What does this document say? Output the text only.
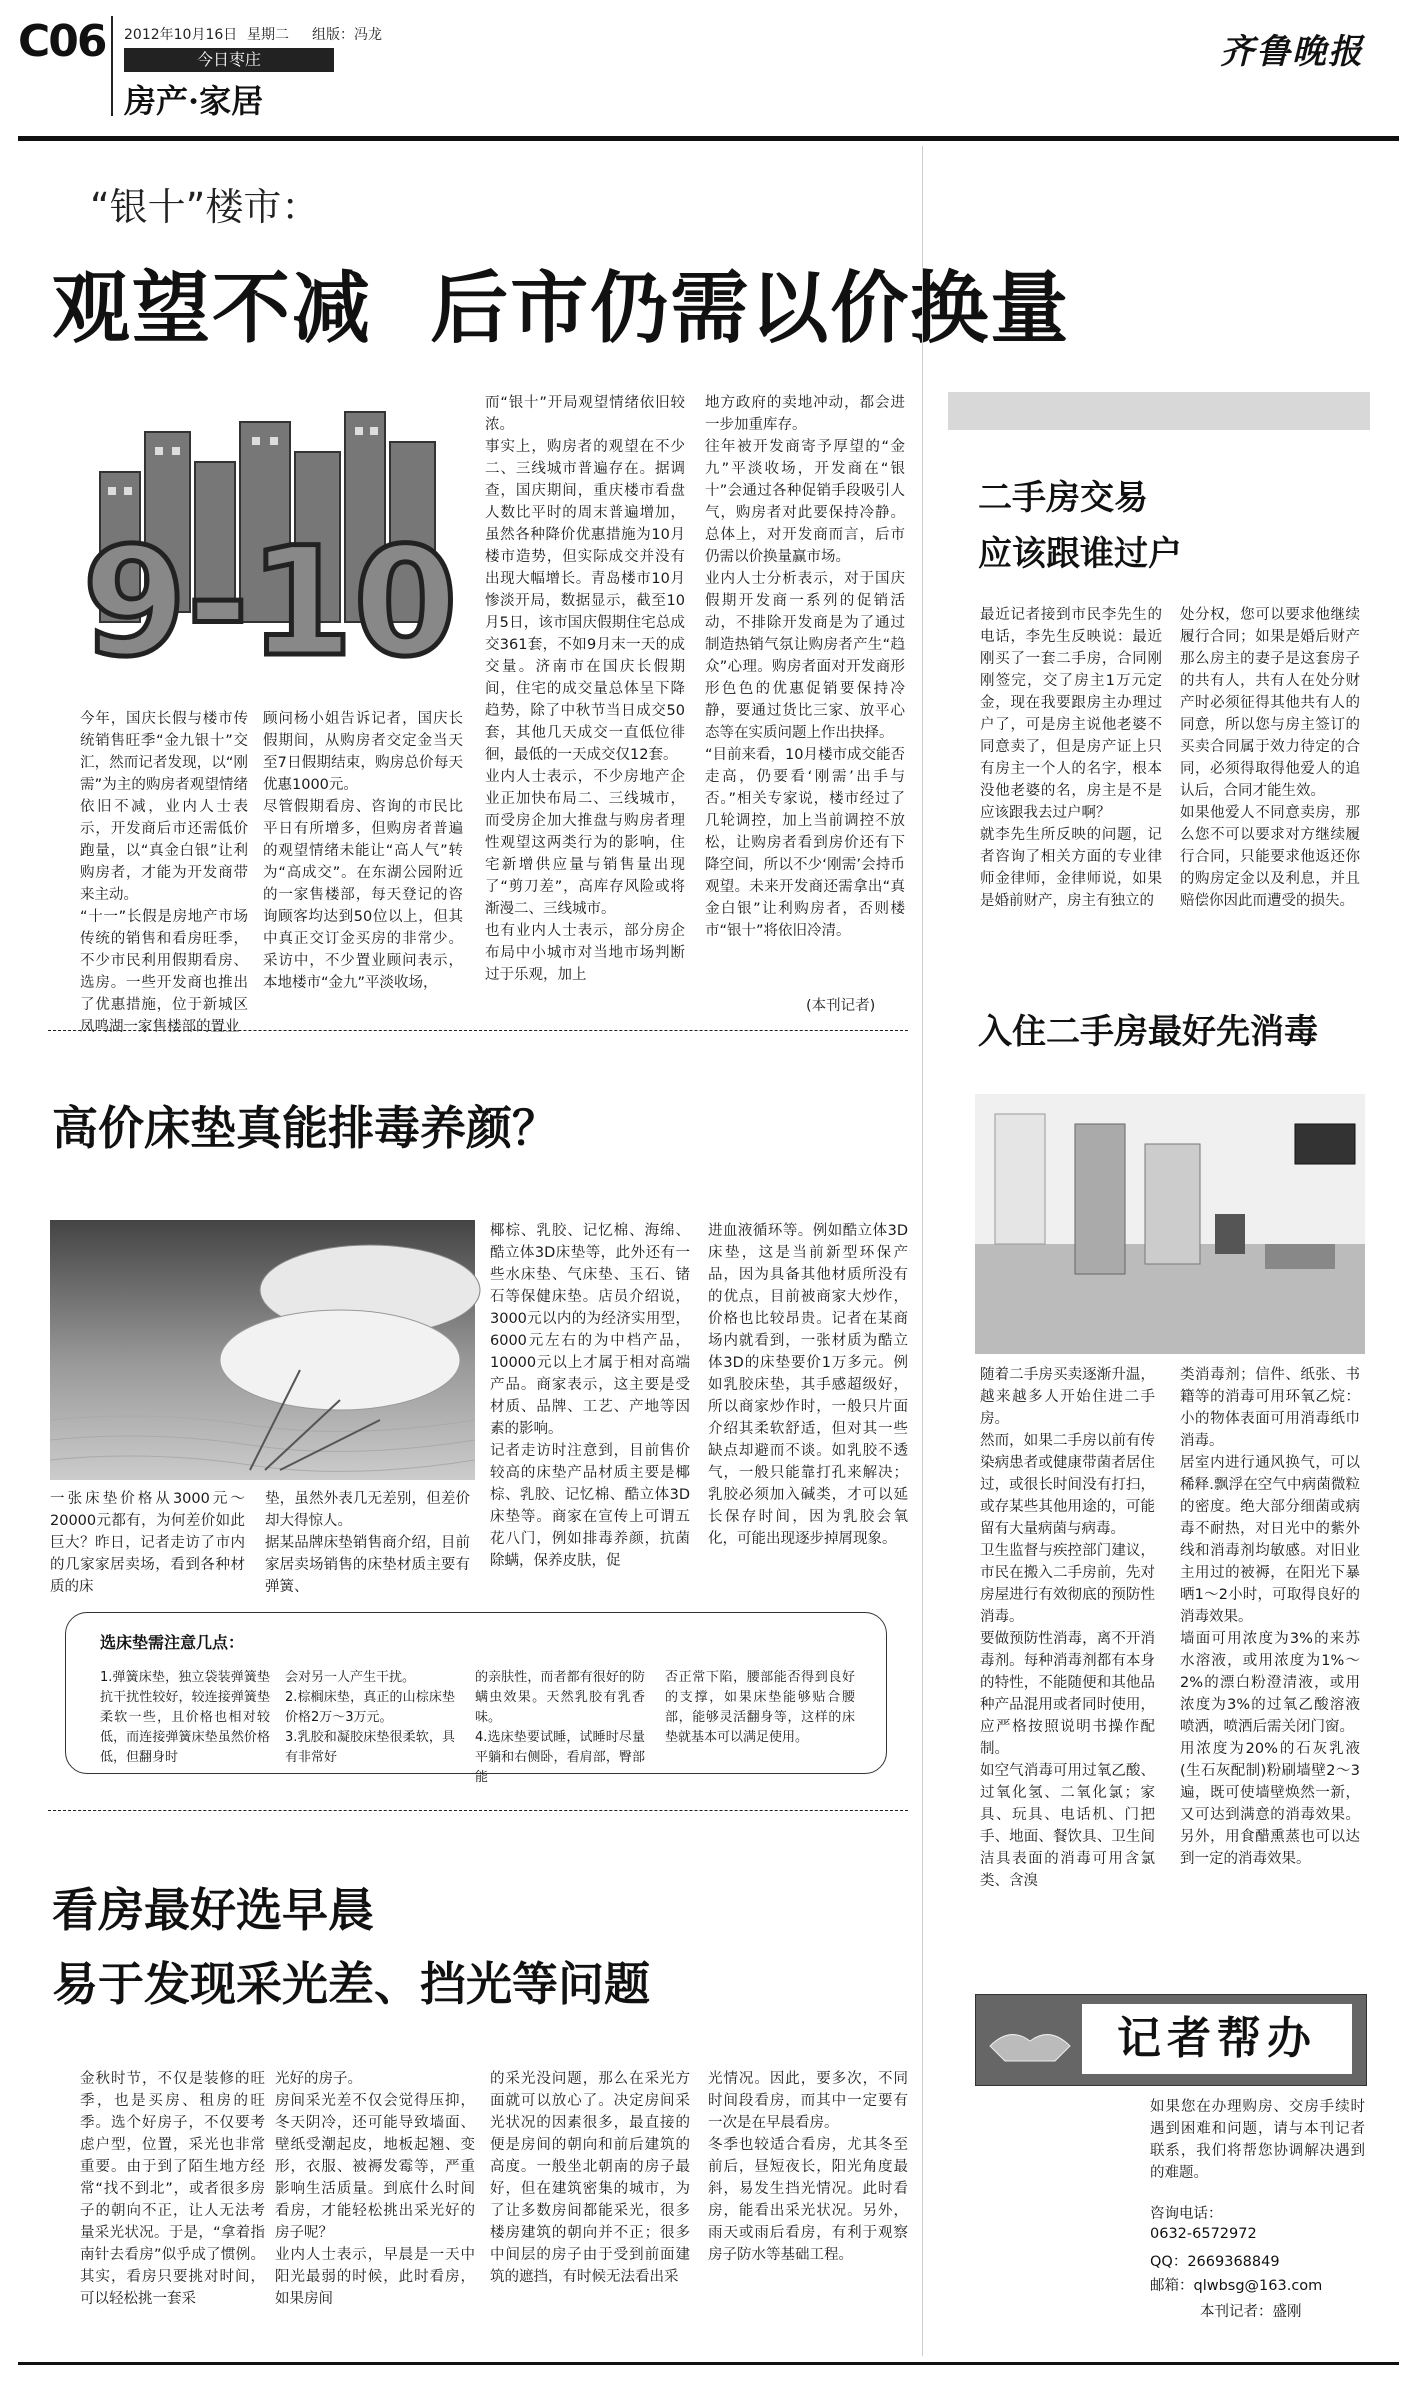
C06 2012年10月16日 星期二 组版：冯龙
今日枣庄
房产·家居
齐鲁晚报
“银十”楼市：
观望不减  后市仍需以价换量
9-10
今年，国庆长假与楼市传统销售旺季“金九银十”交汇，然而记者发现，以“刚需”为主的购房者观望情绪依旧不减，业内人士表示，开发商后市还需低价跑量，以“真金白银”让利购房者，才能为开发商带来主动。
“十一”长假是房地产市场传统的销售和看房旺季，不少市民利用假期看房、选房。一些开发商也推出了优惠措施，位于新城区凤鸣湖一家售楼部的置业
顾问杨小姐告诉记者，国庆长假期间，从购房者交定金当天至7日假期结束，购房总价每天优惠1000元。
尽管假期看房、咨询的市民比平日有所增多，但购房者普遍的观望情绪未能让“高人气”转为“高成交”。在东湖公园附近的一家售楼部，每天登记的咨询顾客均达到50位以上，但其中真正交订金买房的非常少。采访中，不少置业顾问表示，本地楼市“金九”平淡收场，
而“银十”开局观望情绪依旧较浓。
事实上，购房者的观望在不少二、三线城市普遍存在。据调查，国庆期间，重庆楼市看盘人数比平时的周末普遍增加，虽然各种降价优惠措施为10月楼市造势，但实际成交并没有出现大幅增长。青岛楼市10月惨淡开局，数据显示，截至10月5日，该市国庆假期住宅总成交361套，不如9月末一天的成交量。济南市在国庆长假期间，住宅的成交量总体呈下降趋势，除了中秋节当日成交50套，其他几天成交一直低位徘徊，最低的一天成交仅12套。
业内人士表示，不少房地产企业正加快布局二、三线城市，而受房企加大推盘与购房者理性观望这两类行为的影响，住宅新增供应量与销售量出现了“剪刀差”，高库存风险或将渐漫二、三线城市。
也有业内人士表示，部分房企布局中小城市对当地市场判断过于乐观，加上
地方政府的卖地冲动，都会进一步加重库存。
往年被开发商寄予厚望的“金九”平淡收场，开发商在“银十”会通过各种促销手段吸引人气，购房者对此要保持冷静。总体上，对开发商而言，后市仍需以价换量赢市场。
业内人士分析表示，对于国庆假期开发商一系列的促销活动，不排除开发商是为了通过制造热销气氛让购房者产生“趋众”心理。购房者面对开发商形形色色的优惠促销要保持冷静，要通过货比三家、放平心态等在实质问题上作出抉择。
“目前来看，10月楼市成交能否走高，仍要看‘刚需’出手与否。”相关专家说，楼市经过了几轮调控，加上当前调控不放松，让购房者看到房价还有下降空间，所以不少‘刚需’会持币观望。未来开发商还需拿出“真金白银”让利购房者，否则楼市“银十”将依旧冷清。
(本刊记者)
高价床垫真能排毒养颜？
一张床垫价格从3000元～20000元都有，为何差价如此巨大？昨日，记者走访了市内的几家家居卖场，看到各种材质的床
垫，虽然外表几无差别，但差价却大得惊人。
据某品牌床垫销售商介绍，目前家居卖场销售的床垫材质主要有弹簧、
椰棕、乳胶、记忆棉、海绵、酷立体3D床垫等，此外还有一些水床垫、气床垫、玉石、锗石等保健床垫。店员介绍说，3000元以内的为经济实用型，6000元左右的为中档产品，10000元以上才属于相对高端产品。商家表示，这主要是受材质、品牌、工艺、产地等因素的影响。
记者走访时注意到，目前售价较高的床垫产品材质主要是椰棕、乳胶、记忆棉、酷立体3D床垫等。商家在宣传上可谓五花八门，例如排毒养颜，抗菌除螨，保养皮肤，促
进血液循环等。例如酷立体3D床垫，这是当前新型环保产品，因为具备其他材质所没有的优点，目前被商家大炒作，价格也比较昂贵。记者在某商场内就看到，一张材质为酷立体3D的床垫要价1万多元。例如乳胶床垫，其手感超级好，所以商家炒作时，一般只片面介绍其柔软舒适，但对其一些缺点却避而不谈。如乳胶不透气，一般只能靠打孔来解决；乳胶必须加入碱类，才可以延长保存时间，因为乳胶会氧化，可能出现逐步掉屑现象。
选床垫需注意几点：
1.弹簧床垫，独立袋装弹簧垫抗干扰性较好，较连接弹簧垫柔软一些，且价格也相对较低，而连接弹簧床垫虽然价格低，但翻身时
会对另一人产生干扰。
2.棕榈床垫，真正的山棕床垫价格2万～3万元。
3.乳胶和凝胶床垫很柔软，具有非常好
的亲肤性，而者都有很好的防螨虫效果。天然乳胶有乳香味。
4.选床垫要试睡，试睡时尽量平躺和右侧卧，看肩部，臀部能
否正常下陷，腰部能否得到良好的支撑，如果床垫能够贴合腰部，能够灵活翻身等，这样的床垫就基本可以满足使用。
看房最好选早晨
易于发现采光差、挡光等问题
金秋时节，不仅是装修的旺季，也是买房、租房的旺季。选个好房子，不仅要考虑户型，位置，采光也非常重要。由于到了陌生地方经常“找不到北”，或者很多房子的朝向不正，让人无法考量采光状况。于是，“拿着指南针去看房”似乎成了惯例。其实，看房只要挑对时间，可以轻松挑一套采
光好的房子。
房间采光差不仅会觉得压抑，冬天阴冷，还可能导致墙面、壁纸受潮起皮，地板起翘、变形，衣服、被褥发霉等，严重影响生活质量。到底什么时间看房，才能轻松挑出采光好的房子呢？
业内人士表示，早晨是一天中阳光最弱的时候，此时看房，如果房间
的采光没问题，那么在采光方面就可以放心了。决定房间采光状况的因素很多，最直接的便是房间的朝向和前后建筑的高度。一般坐北朝南的房子最好，但在建筑密集的城市，为了让多数房间都能采光，很多楼房建筑的朝向并不正；很多中间层的房子由于受到前面建筑的遮挡，有时候无法看出采
光情况。因此，要多次，不同时间段看房，而其中一定要有一次是在早晨看房。
冬季也较适合看房，尤其冬至前后，昼短夜长，阳光角度最斜，易发生挡光情况。此时看房，能看出采光状况。另外，雨天或雨后看房，有利于观察房子防水等基础工程。
二手房交易
应该跟谁过户
最近记者接到市民李先生的电话，李先生反映说：最近刚买了一套二手房，合同刚刚签完，交了房主1万元定金，现在我要跟房主办理过户了，可是房主说他老婆不同意卖了，但是房产证上只有房主一个人的名字，根本没他老婆的名，房主是不是应该跟我去过户啊？
就李先生所反映的问题，记者咨询了相关方面的专业律师金律师，金律师说，如果是婚前财产，房主有独立的
处分权，您可以要求他继续履行合同；如果是婚后财产那么房主的妻子是这套房子的共有人，共有人在处分财产时必须征得其他共有人的同意，所以您与房主签订的买卖合同属于效力待定的合同，必须得取得他爱人的追认后，合同才能生效。
如果他爱人不同意卖房，那么您不可以要求对方继续履行合同，只能要求他返还你的购房定金以及利息，并且赔偿你因此而遭受的损失。
入住二手房最好先消毒
随着二手房买卖逐渐升温，越来越多人开始住进二手房。
然而，如果二手房以前有传染病患者或健康带菌者居住过，或很长时间没有打扫，或存某些其他用途的，可能留有大量病菌与病毒。
卫生监督与疾控部门建议，市民在搬入二手房前，先对房屋进行有效彻底的预防性消毒。
要做预防性消毒，离不开消毒剂。每种消毒剂都有本身的特性，不能随便和其他品种产品混用或者同时使用，应严格按照说明书操作配制。
如空气消毒可用过氧乙酸、过氧化氢、二氧化氯；家具、玩具、电话机、门把手、地面、餐饮具、卫生间洁具表面的消毒可用含氯类、含溴
类消毒剂；信件、纸张、书籍等的消毒可用环氧乙烷：小的物体表面可用消毒纸巾消毒。
居室内进行通风换气，可以稀释.飘浮在空气中病菌微粒的密度。绝大部分细菌或病毒不耐热，对日光中的紫外线和消毒剂均敏感。对旧业主用过的被褥，在阳光下暴晒1～2小时，可取得良好的消毒效果。
墙面可用浓度为3%的来苏水溶液，或用浓度为1%～2%的漂白粉澄清液，或用浓度为3%的过氧乙酸溶液喷洒，喷洒后需关闭门窗。
用浓度为20%的石灰乳液(生石灰配制)粉刷墙壁2～3遍，既可使墙壁焕然一新，又可达到满意的消毒效果。另外，用食醋熏蒸也可以达到一定的消毒效果。
记者帮办
如果您在办理购房、交房手续时遇到困难和问题，请与本刊记者联系，我们将帮您协调解决遇到的难题。
咨询电话：
0632-6572972
QQ：2669368849
邮箱：qlwbsg@163.com
本刊记者：盛刚
